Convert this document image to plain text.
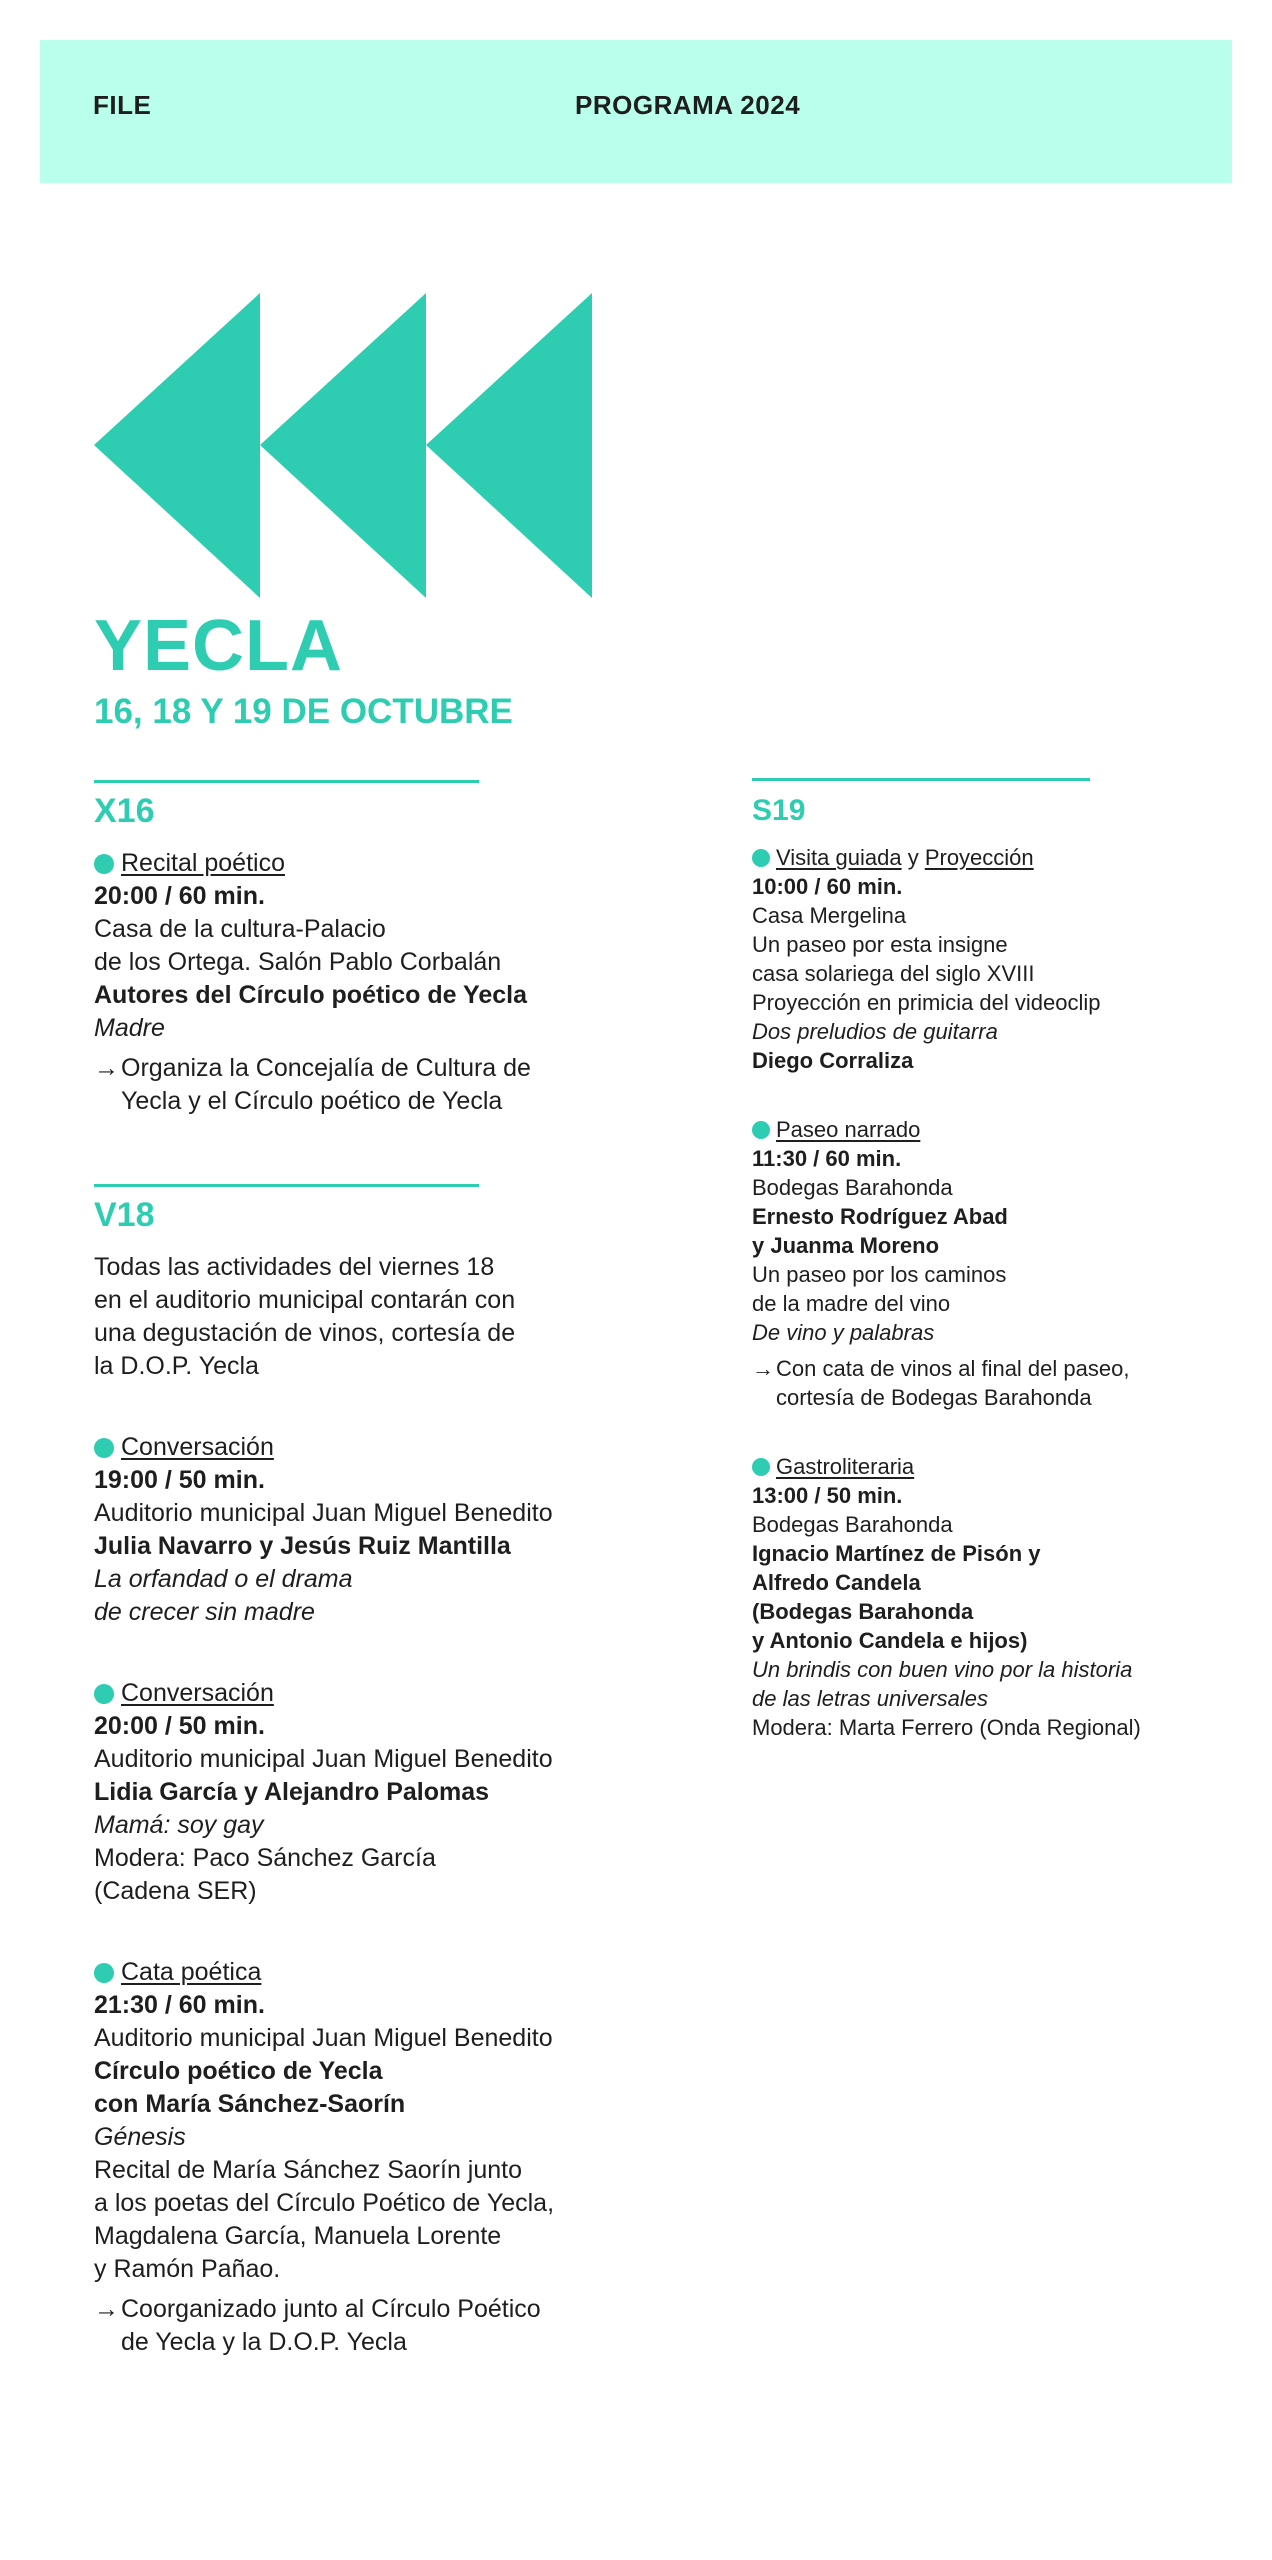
FILE	PROGRAMA 2024
YECLA
16, 18 Y 19 DE OCTUBRE
X16
Recital poético
20:00 / 60 min.
Casa de la cultura-Palacio
de los Ortega. Salón Pablo Corbalán
Autores del Círculo poético de Yecla
Madre
→ Organiza la Concejalía de Cultura de
Yecla y el Círculo poético de Yecla
V18
Todas las actividades del viernes 18
en el auditorio municipal contarán con
una degustación de vinos, cortesía de
la D.O.P. Yecla
Conversación
19:00 / 50 min.
Auditorio municipal Juan Miguel Benedito
Julia Navarro y Jesús Ruiz Mantilla
La orfandad o el drama
de crecer sin madre
Conversación
20:00 / 50 min.
Auditorio municipal Juan Miguel Benedito
Lidia García y Alejandro Palomas
Mamá: soy gay
Modera: Paco Sánchez García
(Cadena SER)
Cata poética
21:30 / 60 min.
Auditorio municipal Juan Miguel Benedito
Círculo poético de Yecla
con María Sánchez-Saorín
Génesis
Recital de María Sánchez Saorín junto
a los poetas del Círculo Poético de Yecla,
Magdalena García, Manuela Lorente
y Ramón Pañao.
→ Coorganizado junto al Círculo Poético
de Yecla y la D.O.P. Yecla
S19
Visita guiada y Proyección
10:00 / 60 min.
Casa Mergelina
Un paseo por esta insigne
casa solariega del siglo XVIII
Proyección en primicia del videoclip
Dos preludios de guitarra
Diego Corraliza
Paseo narrado
11:30 / 60 min.
Bodegas Barahonda
Ernesto Rodríguez Abad
y Juanma Moreno
Un paseo por los caminos
de la madre del vino
De vino y palabras
→ Con cata de vinos al final del paseo,
cortesía de Bodegas Barahonda
Gastroliteraria
13:00 / 50 min.
Bodegas Barahonda
Ignacio Martínez de Pisón y
Alfredo Candela
(Bodegas Barahonda
y Antonio Candela e hijos)
Un brindis con buen vino por la historia
de las letras universales
Modera: Marta Ferrero (Onda Regional)
